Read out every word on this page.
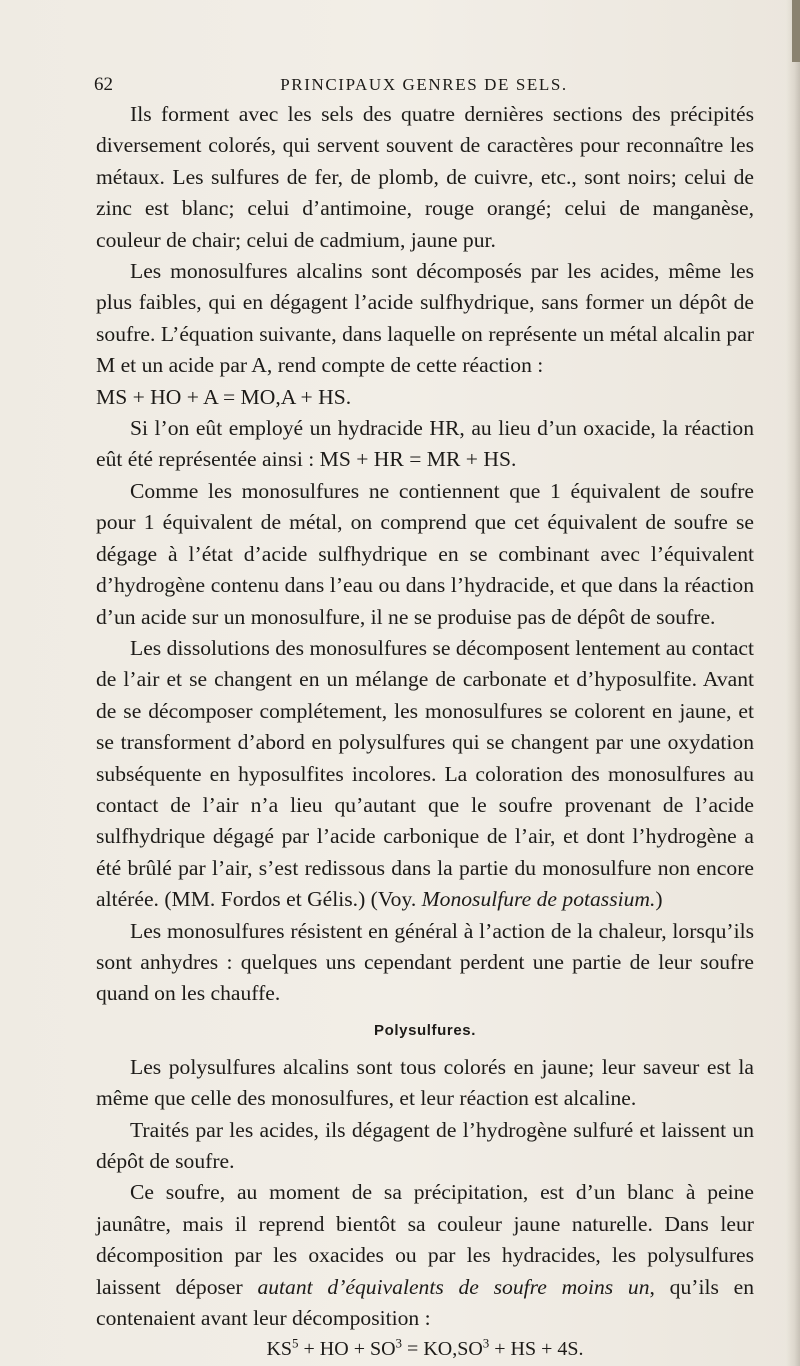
62	PRINCIPAUX GENRES DE SELS.

Ils forment avec les sels des quatre dernières sections des précipités diversement colorés, qui servent souvent de caractères pour reconnaître les métaux. Les sulfures de fer, de plomb, de cuivre, etc., sont noirs; celui de zinc est blanc; celui d’antimoine, rouge orangé; celui de manganèse, couleur de chair; celui de cadmium, jaune pur.

Les monosulfures alcalins sont décomposés par les acides, même les plus faibles, qui en dégagent l’acide sulfhydrique, sans former un dépôt de soufre. L’équation suivante, dans laquelle on représente un métal alcalin par M et un acide par A, rend compte de cette réaction :

MS + HO + A = MO,A + HS.

Si l’on eût employé un hydracide HR, au lieu d’un oxacide, la réaction eût été représentée ainsi : MS + HR = MR + HS.

Comme les monosulfures ne contiennent que 1 équivalent de soufre pour 1 équivalent de métal, on comprend que cet équivalent de soufre se dégage à l’état d’acide sulfhydrique en se combinant avec l’équivalent d’hydrogène contenu dans l’eau ou dans l’hydracide, et que dans la réaction d’un acide sur un monosulfure, il ne se produise pas de dépôt de soufre.

Les dissolutions des monosulfures se décomposent lentement au contact de l’air et se changent en un mélange de carbonate et d’hyposulfite. Avant de se décomposer complétement, les monosulfures se colorent en jaune, et se transforment d’abord en polysulfures qui se changent par une oxydation subséquente en hyposulfites incolores. La coloration des monosulfures au contact de l’air n’a lieu qu’autant que le soufre provenant de l’acide sulfhydrique dégagé par l’acide carbonique de l’air, et dont l’hydrogène a été brûlé par l’air, s’est redissous dans la partie du monosulfure non encore altérée. (MM. Fordos et Gélis.) (Voy. Monosulfure de potassium.)

Les monosulfures résistent en général à l’action de la chaleur, lorsqu’ils sont anhydres : quelques uns cependant perdent une partie de leur soufre quand on les chauffe.

Polysulfures.

Les polysulfures alcalins sont tous colorés en jaune; leur saveur est la même que celle des monosulfures, et leur réaction est alcaline.

Traités par les acides, ils dégagent de l’hydrogène sulfuré et laissent un dépôt de soufre.

Ce soufre, au moment de sa précipitation, est d’un blanc à peine jaunâtre, mais il reprend bientôt sa couleur jaune naturelle. Dans leur décomposition par les oxacides ou par les hydracides, les polysulfures laissent déposer autant d’équivalents de soufre moins un, qu’ils en contenaient avant leur décomposition :

$KS^5$ + HO + $SO^3 = KO,SO^3$ + HS + 4S.
